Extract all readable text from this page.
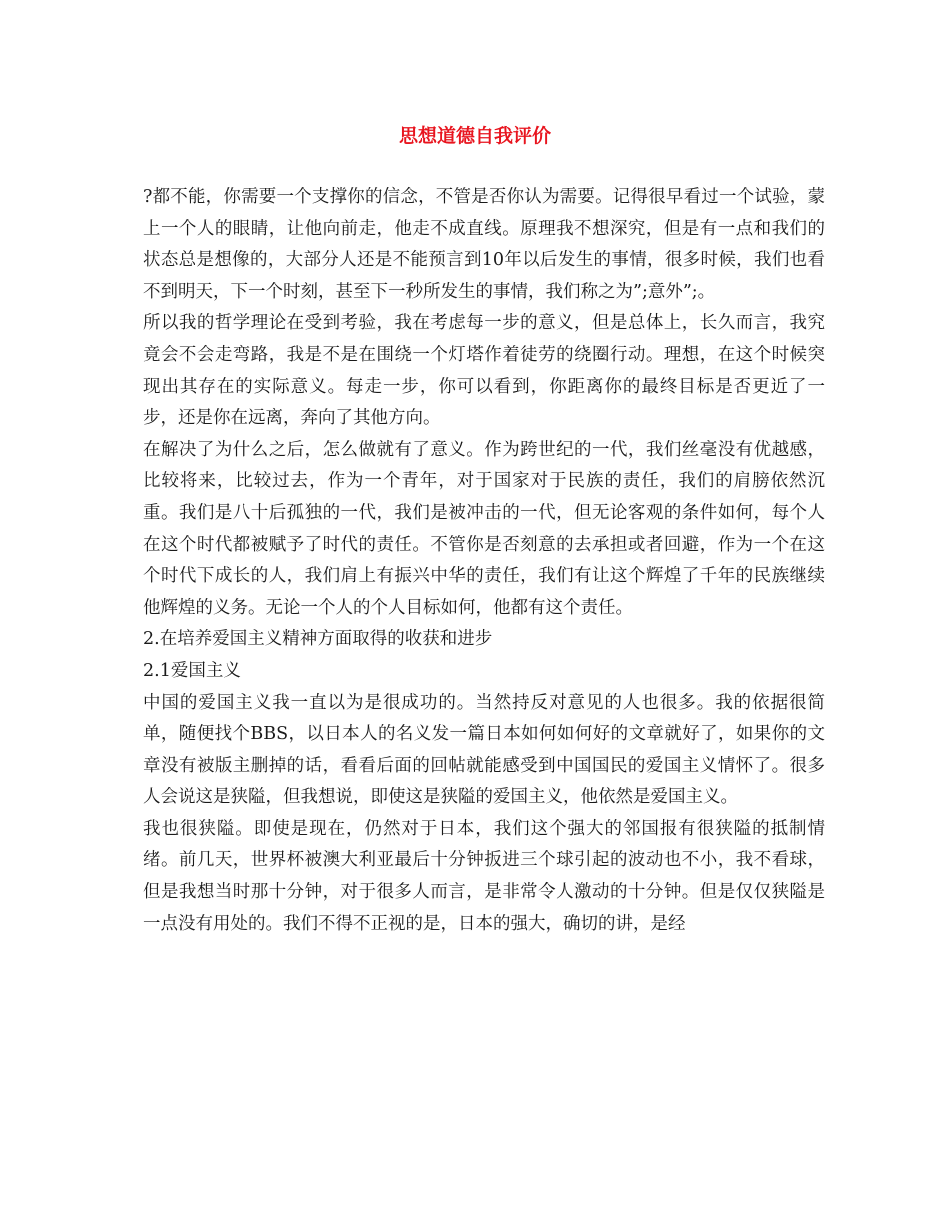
思想道德自我评价

?都不能，你需要一个支撑你的信念，不管是否你认为需要。记得很早看过一个试验，蒙上一个人的眼睛，让他向前走，他走不成直线。原理我不想深究，但是有一点和我们的状态总是想像的，大部分人还是不能预言到10年以后发生的事情，很多时候，我们也看不到明天，下一个时刻，甚至下一秒所发生的事情，我们称之为”;意外”;。

所以我的哲学理论在受到考验，我在考虑每一步的意义，但是总体上，长久而言，我究竟会不会走弯路，我是不是在围绕一个灯塔作着徒劳的绕圈行动。理想，在这个时候突现出其存在的实际意义。每走一步，你可以看到，你距离你的最终目标是否更近了一步，还是你在远离，奔向了其他方向。

在解决了为什么之后，怎么做就有了意义。作为跨世纪的一代，我们丝毫没有优越感，比较将来，比较过去，作为一个青年，对于国家对于民族的责任，我们的肩膀依然沉重。我们是八十后孤独的一代，我们是被冲击的一代，但无论客观的条件如何，每个人在这个时代都被赋予了时代的责任。不管你是否刻意的去承担或者回避，作为一个在这个时代下成长的人，我们肩上有振兴中华的责任，我们有让这个辉煌了千年的民族继续他辉煌的义务。无论一个人的个人目标如何，他都有这个责任。

2.在培养爱国主义精神方面取得的收获和进步

2.1爱国主义

中国的爱国主义我一直以为是很成功的。当然持反对意见的人也很多。我的依据很简单，随便找个BBS，以日本人的名义发一篇日本如何如何好的文章就好了，如果你的文章没有被版主删掉的话，看看后面的回帖就能感受到中国国民的爱国主义情怀了。很多人会说这是狭隘，但我想说，即使这是狭隘的爱国主义，他依然是爱国主义。

我也很狭隘。即使是现在，仍然对于日本，我们这个强大的邻国报有很狭隘的抵制情绪。前几天，世界杯被澳大利亚最后十分钟扳进三个球引起的波动也不小，我不看球，但是我想当时那十分钟，对于很多人而言，是非常令人激动的十分钟。但是仅仅狭隘是一点没有用处的。我们不得不正视的是，日本的强大，确切的讲，是经
